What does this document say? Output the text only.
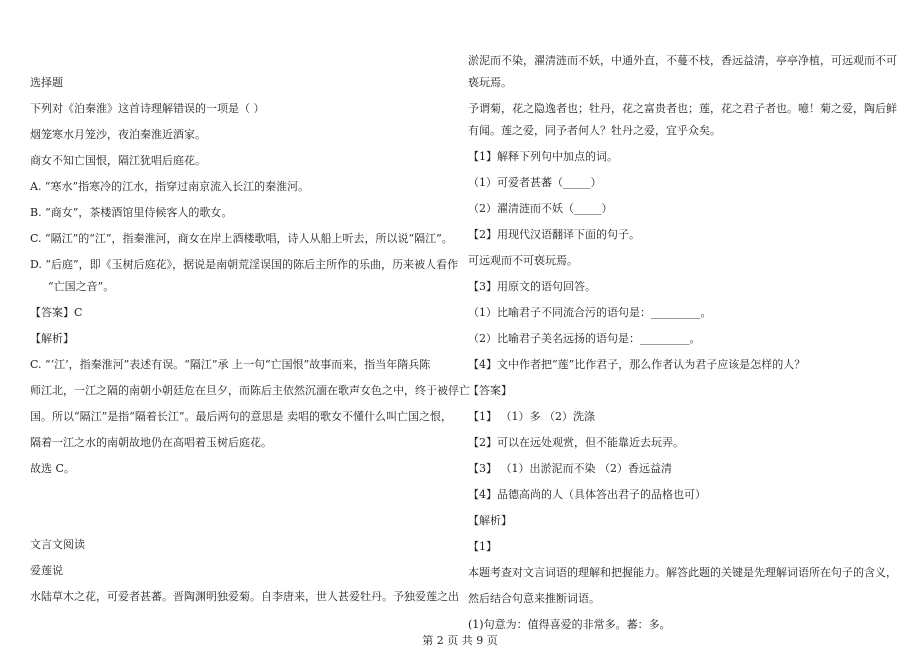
选择题
下列对《泊秦淮》这首诗理解错误的一项是（ ）
烟笼寒水月笼沙，夜泊秦淮近酒家。
商女不知亡国恨，隔江犹唱后庭花。
A. “寒水”指寒冷的江水，指穿过南京流入长江的秦淮河。
B. “商女”，茶楼酒馆里侍候客人的歌女。
C. “隔江”的“江”，指秦淮河，商女在岸上酒楼歌唱，诗人从船上听去，所以说“隔江”。
D. “后庭”，即《玉树后庭花》，据说是南朝荒淫误国的陈后主所作的乐曲，历来被人看作
“亡国之音”。
【答案】C
【解析】
C. “‘江’，指秦淮河”表述有误。“隔江”承 上一句“亡国恨”故事而来，指当年隋兵陈
师江北，一江之隔的南朝小朝廷危在旦夕，而陈后主依然沉湎在歌声女色之中，终于被俘亡
国。所以“隔江”是指“隔着长江”。最后两句的意思是 卖唱的歌女不懂什么叫亡国之恨，
隔着一江之水的南朝故地仍在高唱着玉树后庭花。
故选 C。
文言文阅读
爱莲说
水陆草木之花，可爱者甚蕃。晋陶渊明独爱菊。自李唐来，世人甚爱牡丹。予独爱莲之出
淤泥而不染，濯清涟而不妖，中通外直，不蔓不枝，香远益清，亭亭净植，可远观而不可
亵玩焉。
予谓菊，花之隐逸者也；牡丹，花之富贵者也；莲，花之君子者也。噫！菊之爱，陶后鲜
有闻。莲之爱，同予者何人？牡丹之爱，宜乎众矣。
【1】解释下列句中加点的词。
（1）可爱者甚蕃（_____）
（2）濯清涟而不妖（_____）
【2】用现代汉语翻译下面的句子。
可远观而不可亵玩焉。
【3】用原文的语句回答。
（1）比喻君子不同流合污的语句是：_________。
（2）比喻君子美名远扬的语句是：_________。
【4】文中作者把“莲”比作君子，那么作者认为君子应该是怎样的人？
【答案】
【1】 （1）多 （2）洗涤
【2】可以在远处观赏，但不能靠近去玩弄。
【3】 （1）出淤泥而不染 （2）香远益清
【4】品德高尚的人（具体答出君子的品格也可）
【解析】
【1】
本题考查对文言词语的理解和把握能力。解答此题的关键是先理解词语所在句子的含义，
然后结合句意来推断词语。
(1)句意为：值得喜爱的非常多。蕃：多。
第 2 页 共 9 页
